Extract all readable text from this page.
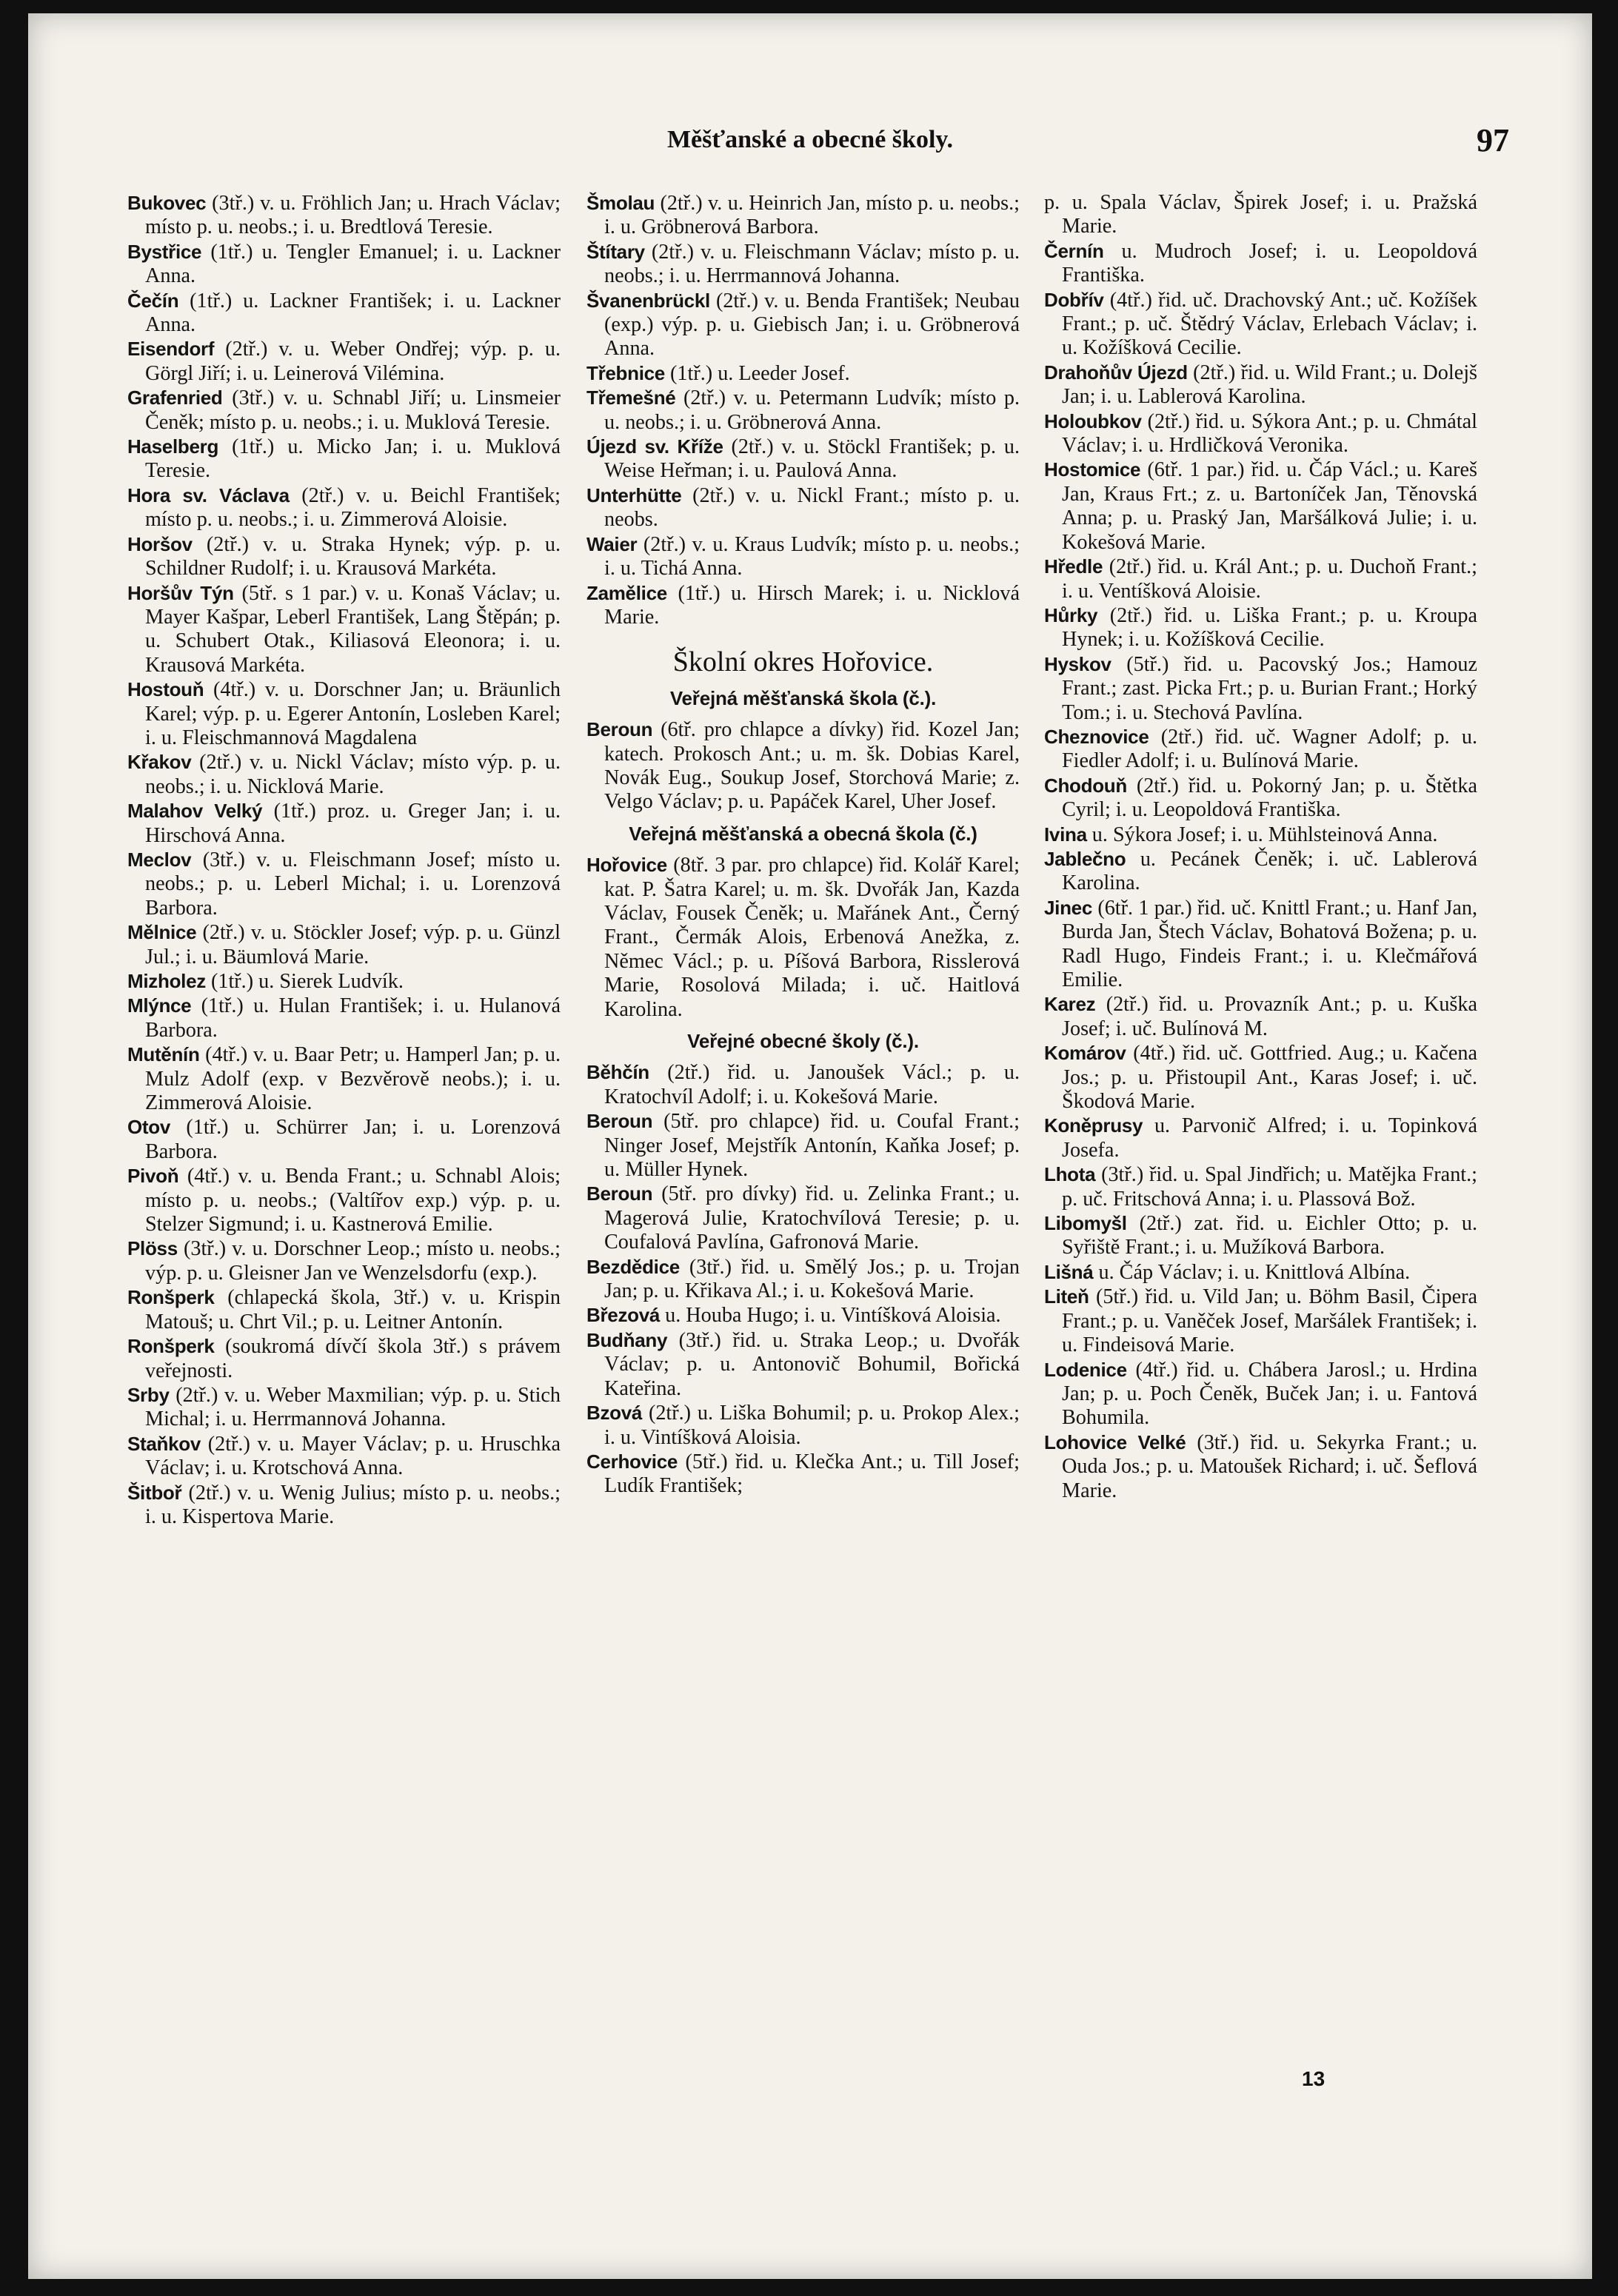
Měšťanské a obecné školy.	97

Bukovec (3tř.) v. u. Fröhlich Jan; u. Hrach Václav; místo p. u. neobs.; i. u. Bredtlová Teresie.

Bystřice (1tř.) u. Tengler Emanuel; i. u. Lackner Anna.

Čečín (1tř.) u. Lackner František; i. u. Lackner Anna.

Eisendorf (2tř.) v. u. Weber Ondřej; výp. p. u. Görgl Jiří; i. u. Leinerová Vilémina.

Grafenried (3tř.) v. u. Schnabl Jiří; u. Linsmeier Čeněk; místo p. u. neobs.; i. u. Muklová Teresie.

Haselberg (1tř.) u. Micko Jan; i. u. Muklová Teresie.

Hora sv. Václava (2tř.) v. u. Beichl František; místo p. u. neobs.; i. u. Zimmerová Aloisie.

Horšov (2tř.) v. u. Straka Hynek; výp. p. u. Schildner Rudolf; i. u. Krausová Markéta.

Horšův Týn (5tř. s 1 par.) v. u. Konaš Václav; u. Mayer Kašpar, Leberl František, Lang Štěpán; p. u. Schubert Otak., Kiliasová Eleonora; i. u. Krausová Markéta.

Hostouň (4tř.) v. u. Dorschner Jan; u. Bräunlich Karel; výp. p. u. Egerer Antonín, Losleben Karel; i. u. Fleischmannová Magdalena

Křakov (2tř.) v. u. Nickl Václav; místo výp. p. u. neobs.; i. u. Nicklová Marie.

Malahov Velký (1tř.) proz. u. Greger Jan; i. u. Hirschová Anna.

Meclov (3tř.) v. u. Fleischmann Josef; místo u. neobs.; p. u. Leberl Michal; i. u. Lorenzová Barbora.

Mělnice (2tř.) v. u. Stöckler Josef; výp. p. u. Günzl Jul.; i. u. Bäumlová Marie.

Mizholez (1tř.) u. Sierek Ludvík.

Mlýnce (1tř.) u. Hulan František; i. u. Hulanová Barbora.

Mutěnín (4tř.) v. u. Baar Petr; u. Hamperl Jan; p. u. Mulz Adolf (exp. v Bezvěrově neobs.); i. u. Zimmerová Aloisie.

Otov (1tř.) u. Schürrer Jan; i. u. Lorenzová Barbora.

Pivoň (4tř.) v. u. Benda Frant.; u. Schnabl Alois; místo p. u. neobs.; (Valtířov exp.) výp. p. u. Stelzer Sigmund; i. u. Kastnerová Emilie.

Plöss (3tř.) v. u. Dorschner Leop.; místo u. neobs.; výp. p. u. Gleisner Jan ve Wenzelsdorfu (exp.).

Ronšperk (chlapecká škola, 3tř.) v. u. Krispin Matouš; u. Chrt Vil.; p. u. Leitner Antonín.

Ronšperk (soukromá dívčí škola 3tř.) s právem veřejnosti.

Srby (2tř.) v. u. Weber Maxmilian; výp. p. u. Stich Michal; i. u. Herrmannová Johanna.

Staňkov (2tř.) v. u. Mayer Václav; p. u. Hruschka Václav; i. u. Krotschová Anna.

Šitboř (2tř.) v. u. Wenig Julius; místo p. u. neobs.; i. u. Kispertova Marie.

Šmolau (2tř.) v. u. Heinrich Jan, místo p. u. neobs.; i. u. Gröbnerová Barbora.

Štítary (2tř.) v. u. Fleischmann Václav; místo p. u. neobs.; i. u. Herrmannová Johanna.

Švanenbrückl (2tř.) v. u. Benda František; Neubau (exp.) výp. p. u. Giebisch Jan; i. u. Gröbnerová Anna.

Třebnice (1tř.) u. Leeder Josef.

Třemešné (2tř.) v. u. Petermann Ludvík; místo p. u. neobs.; i. u. Gröbnerová Anna.

Újezd sv. Kříže (2tř.) v. u. Stöckl František; p. u. Weise Heřman; i. u. Paulová Anna.

Unterhütte (2tř.) v. u. Nickl Frant.; místo p. u. neobs.

Waier (2tř.) v. u. Kraus Ludvík; místo p. u. neobs.; i. u. Tichá Anna.

Zamělice (1tř.) u. Hirsch Marek; i. u. Nicklová Marie.

Školní okres Hořovice.
Veřejná měšťanská škola (č.).

Beroun (6tř. pro chlapce a dívky) řid. Kozel Jan; katech. Prokosch Ant.; u. m. šk. Dobias Karel, Novák Eug., Soukup Josef, Storchová Marie; z. Velgo Václav; p. u. Papáček Karel, Uher Josef.

Veřejná měšťanská a obecná škola (č.)

Hořovice (8tř. 3 par. pro chlapce) řid. Kolář Karel; kat. P. Šatra Karel; u. m. šk. Dvořák Jan, Kazda Václav, Fousek Čeněk; u. Mařánek Ant., Černý Frant., Čermák Alois, Erbenová Anežka, z. Němec Václ.; p. u. Píšová Barbora, Risslerová Marie, Rosolová Milada; i. uč. Haitlová Karolina.

Veřejné obecné školy (č.).

Běhčín (2tř.) řid. u. Janoušek Václ.; p. u. Kratochvíl Adolf; i. u. Kokešová Marie.

Beroun (5tř. pro chlapce) řid. u. Coufal Frant.; Ninger Josef, Mejstřík Antonín, Kaňka Josef; p. u. Müller Hynek.

Beroun (5tř. pro dívky) řid. u. Zelinka Frant.; u. Magerová Julie, Kratochvílová Teresie; p. u. Coufalová Pavlína, Gafronová Marie.

Bezdědice (3tř.) řid. u. Smělý Jos.; p. u. Trojan Jan; p. u. Křikava Al.; i. u. Kokešová Marie.

Březová u. Houba Hugo; i. u. Vintíšková Aloisia.

Budňany (3tř.) řid. u. Straka Leop.; u. Dvořák Václav; p. u. Antonovič Bohumil, Bořická Kateřina.

Bzová (2tř.) u. Liška Bohumil; p. u. Prokop Alex.; i. u. Vintíšková Aloisia.

Cerhovice (5tř.) řid. u. Klečka Ant.; u. Till Josef; Ludík František;

p. u. Spala Václav, Špirek Josef; i. u. Pražská Marie.

Černín u. Mudroch Josef; i. u. Leopoldová Františka.

Dobřív (4tř.) řid. uč. Drachovský Ant.; uč. Kožíšek Frant.; p. uč. Štědrý Václav, Erlebach Václav; i. u. Kožíšková Cecilie.

Drahoňův Újezd (2tř.) řid. u. Wild Frant.; u. Dolejš Jan; i. u. Lablerová Karolina.

Holoubkov (2tř.) řid. u. Sýkora Ant.; p. u. Chmátal Václav; i. u. Hrdličková Veronika.

Hostomice (6tř. 1 par.) řid. u. Čáp Václ.; u. Kareš Jan, Kraus Frt.; z. u. Bartoníček Jan, Těnovská Anna; p. u. Praský Jan, Maršálková Julie; i. u. Kokešová Marie.

Hředle (2tř.) řid. u. Král Ant.; p. u. Duchoň Frant.; i. u. Ventíšková Aloisie.

Hůrky (2tř.) řid. u. Liška Frant.; p. u. Kroupa Hynek; i. u. Kožíšková Cecilie.

Hyskov (5tř.) řid. u. Pacovský Jos.; Hamouz Frant.; zast. Picka Frt.; p. u. Burian Frant.; Horký Tom.; i. u. Stechová Pavlína.

Cheznovice (2tř.) řid. uč. Wagner Adolf; p. u. Fiedler Adolf; i. u. Bulínová Marie.

Chodouň (2tř.) řid. u. Pokorný Jan; p. u. Štětka Cyril; i. u. Leopoldová Františka.

Ivina u. Sýkora Josef; i. u. Mühlsteinová Anna.

Jablečno u. Pecánek Čeněk; i. uč. Lablerová Karolina.

Jinec (6tř. 1 par.) řid. uč. Knittl Frant.; u. Hanf Jan, Burda Jan, Štech Václav, Bohatová Božena; p. u. Radl Hugo, Findeis Frant.; i. u. Klečmářová Emilie.

Karez (2tř.) řid. u. Provazník Ant.; p. u. Kuška Josef; i. uč. Bulínová M.

Komárov (4tř.) řid. uč. Gottfried. Aug.; u. Kačena Jos.; p. u. Přistoupil Ant., Karas Josef; i. uč. Škodová Marie.

Koněprusy u. Parvonič Alfred; i. u. Topinková Josefa.

Lhota (3tř.) řid. u. Spal Jindřich; u. Matějka Frant.; p. uč. Fritschová Anna; i. u. Plassová Bož.

Libomyšl (2tř.) zat. řid. u. Eichler Otto; p. u. Syřiště Frant.; i. u. Mužíková Barbora.

Lišná u. Čáp Václav; i. u. Knittlová Albína.

Liteň (5tř.) řid. u. Vild Jan; u. Böhm Basil, Čipera Frant.; p. u. Vaněček Josef, Maršálek František; i. u. Findeisová Marie.

Lodenice (4tř.) řid. u. Chábera Jarosl.; u. Hrdina Jan; p. u. Poch Čeněk, Buček Jan; i. u. Fantová Bohumila.

Lohovice Velké (3tř.) řid. u. Sekyrka Frant.; u. Ouda Jos.; p. u. Matoušek Richard; i. uč. Šeflová Marie.

13
